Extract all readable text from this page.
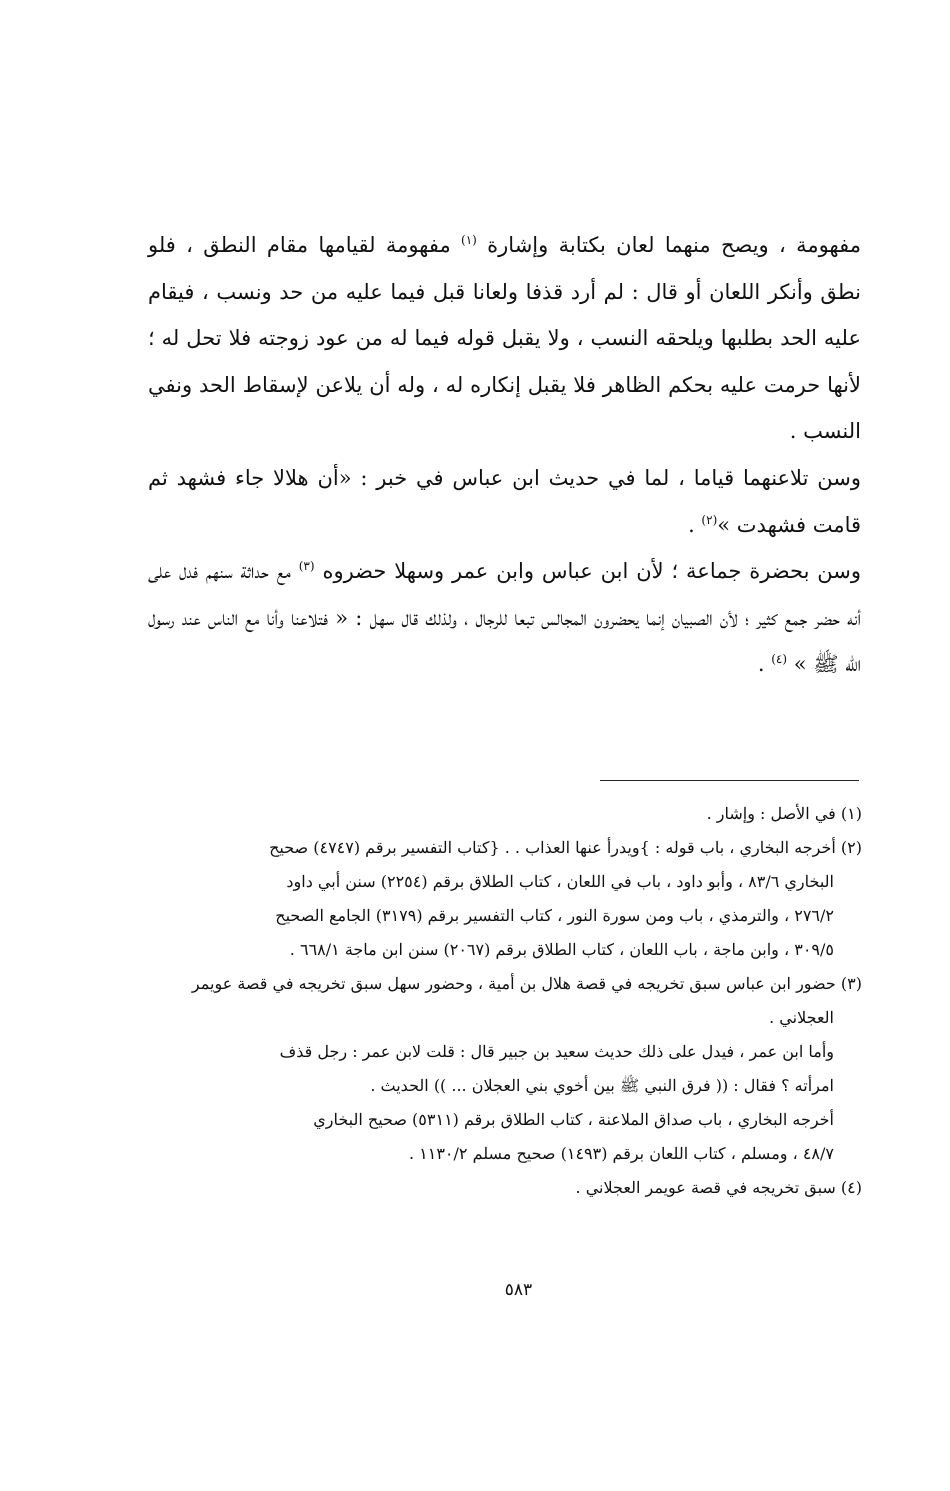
مفهومة ، ويصح منهما لعان بكتابة وإشارة $^{(١)}$ مفهومة لقيامها مقام النطق ، فلو نطق وأنكر اللعان أو قال : لم أرد قذفا ولعانا قبل فيما عليه من حد ونسب ، فيقام عليه الحد بطلبها ويلحقه النسب ، ولا يقبل قوله فيما له من عود زوجته فلا تحل له ؛ لأنها حرمت عليه بحكم الظاهر فلا يقبل إنكاره له ، وله أن يلاعن لإسقاط الحد ونفي النسب .

وسن تلاعنهما قياما ، لما في حديث ابن عباس في خبر : «أن هلالا جاء فشهد ثم قامت فشهدت »$^{(٢)}$ .

وسن بحضرة جماعة ؛ لأن ابن عباس وابن عمر وسهلا حضروه $^{(٣)}$ مع حداثة سنهم فدل على أنه حضر جمع كثير ؛ لأن الصبيان إنما يحضرون المجالس تبعا للرجال ، ولذلك قال سهل : « فتلاعنا وأنا مع الناس عند رسول الله ﷺ » $^{(٤)}$ .

(١) في الأصل : وإشار .

(٢) أخرجه البخاري ، باب قوله : }ويدرأ عنها العذاب . . {كتاب التفسير برقم (٤٧٤٧) صحيح
البخاري ٨٣/٦ ، وأبو داود ، باب في اللعان ، كتاب الطلاق برقم (٢٢٥٤) سنن أبي داود
٢٧٦/٢ ، والترمذي ، باب ومن سورة النور ، كتاب التفسير برقم (٣١٧٩) الجامع الصحيح
٣٠٩/٥ ، وابن ماجة ، باب اللعان ، كتاب الطلاق برقم (٢٠٦٧) سنن ابن ماجة ٦٦٨/١ .

(٣) حضور ابن عباس سبق تخريجه في قصة هلال بن أمية ، وحضور سهل سبق تخريجه في قصة عويمر
العجلاني .
وأما ابن عمر ، فيدل على ذلك حديث سعيد بن جبير قال : قلت لابن عمر : رجل قذف
امرأته ؟ فقال : (( فرق النبي ﷺ بين أخوي بني العجلان ... )) الحديث .
أخرجه البخاري ، باب صداق الملاعنة ، كتاب الطلاق برقم (٥٣١١) صحيح البخاري
٤٨/٧ ، ومسلم ، كتاب اللعان برقم (١٤٩٣) صحيح مسلم ١١٣٠/٢ .

(٤) سبق تخريجه في قصة عويمر العجلاني .

٥٨٣
